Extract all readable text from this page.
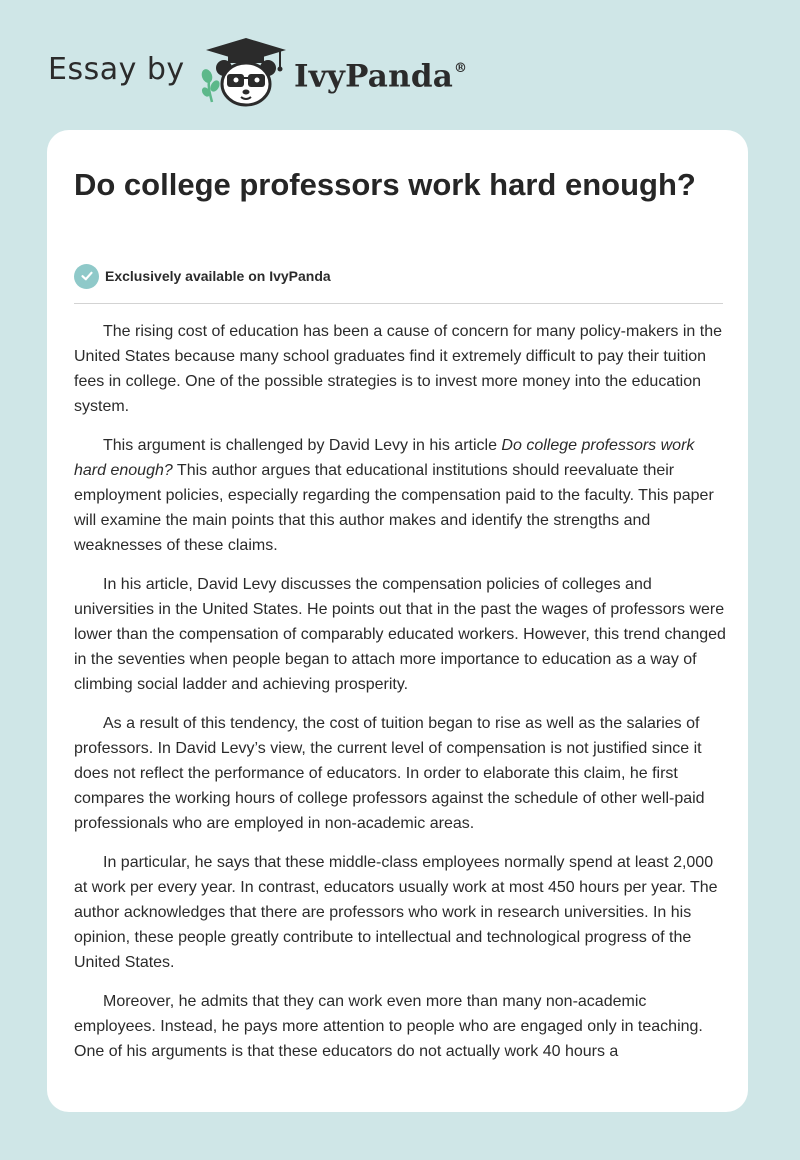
Essay by	IvyPanda®
Do college professors work hard enough?
Exclusively available on IvyPanda

The rising cost of education has been a cause of concern for many policy-makers in the United States because many school graduates find it extremely difficult to pay their tuition fees in college. One of the possible strategies is to invest more money into the education system.

This argument is challenged by David Levy in his article Do college professors work hard enough? This author argues that educational institutions should reevaluate their employment policies, especially regarding the compensation paid to the faculty. This paper will examine the main points that this author makes and identify the strengths and weaknesses of these claims.

In his article, David Levy discusses the compensation policies of colleges and universities in the United States. He points out that in the past the wages of professors were lower than the compensation of comparably educated workers. However, this trend changed in the seventies when people began to attach more importance to education as a way of climbing social ladder and achieving prosperity.

As a result of this tendency, the cost of tuition began to rise as well as the salaries of professors. In David Levy’s view, the current level of compensation is not justified since it does not reflect the performance of educators. In order to elaborate this claim, he first compares the working hours of college professors against the schedule of other well-paid professionals who are employed in non-academic areas.

In particular, he says that these middle-class employees normally spend at least 2,000 at work per every year. In contrast, educators usually work at most 450 hours per year. The author acknowledges that there are professors who work in research universities. In his opinion, these people greatly contribute to intellectual and technological progress of the United States.

Moreover, he admits that they can work even more than many non-academic employees. Instead, he pays more attention to people who are engaged only in teaching. One of his arguments is that these educators do not actually work 40 hours a
